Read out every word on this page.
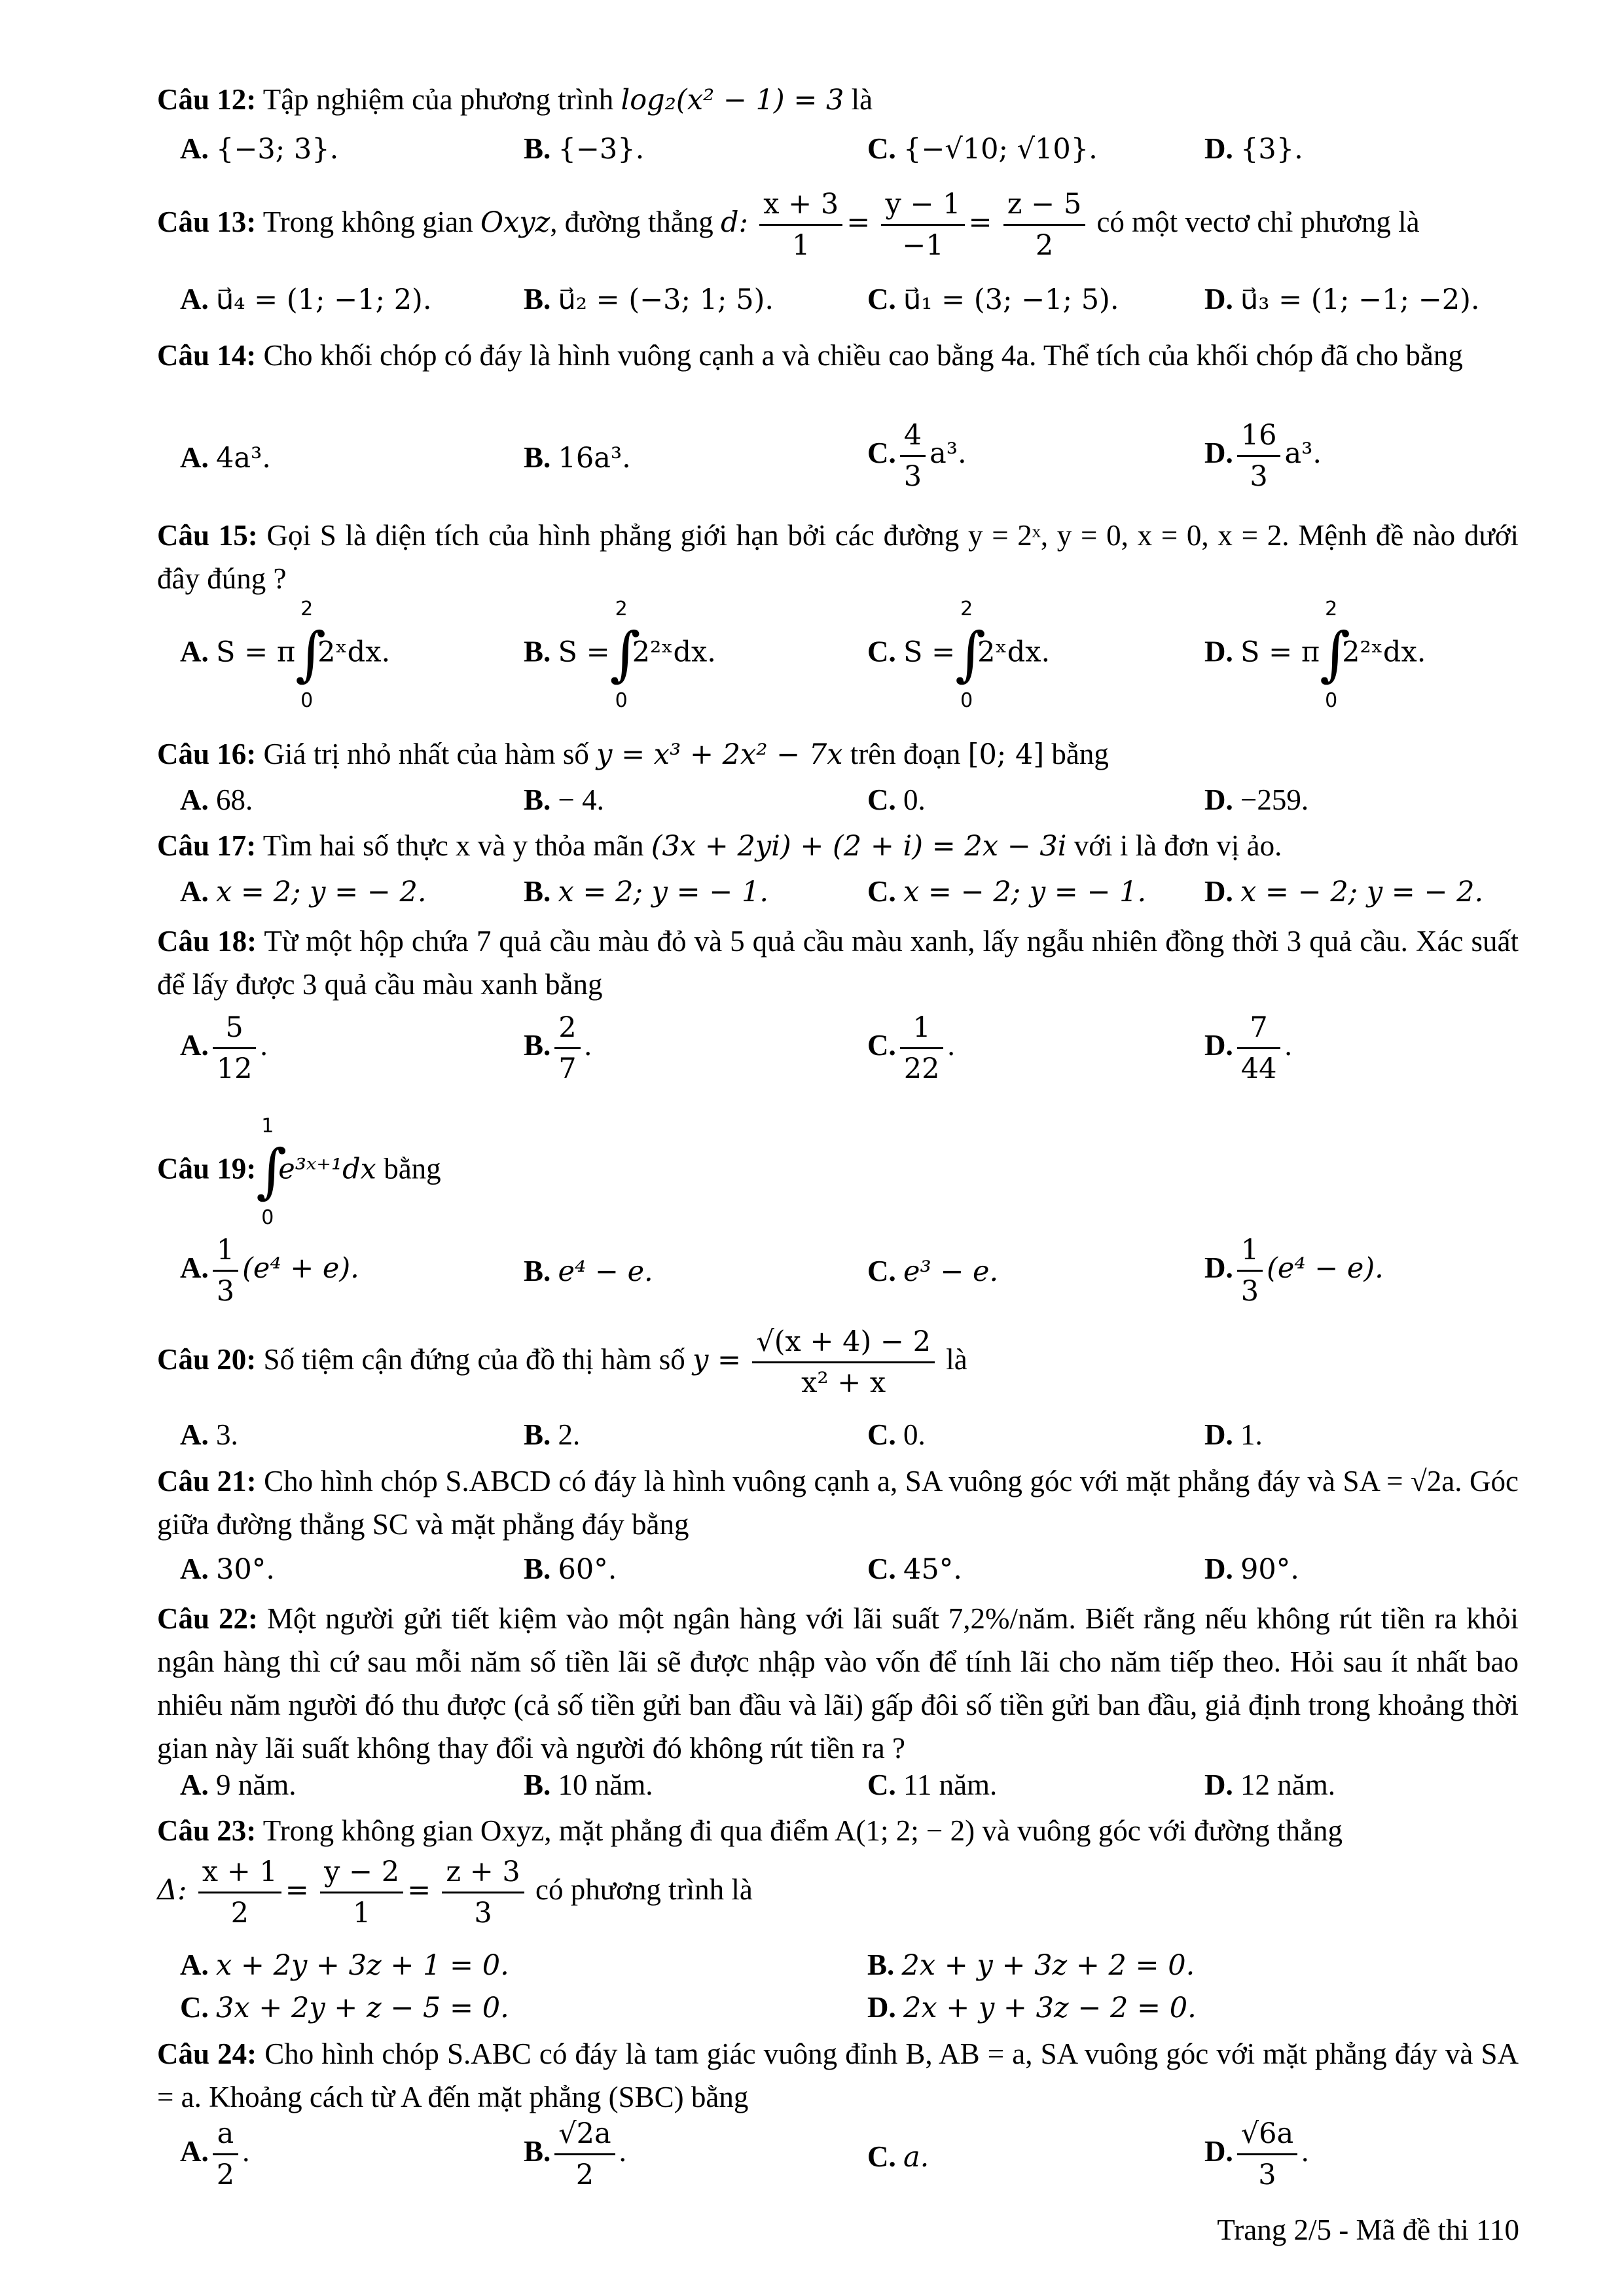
Câu 12: Tập nghiệm của phương trình log₂(x² − 1) = 3 là
A. {−3; 3}.	B. {−3}.	C. {−√10; √10}.	D. {3}.
Câu 13: Trong không gian Oxyz, đường thẳng d: $\frac{x + 3}{1} = \frac{y - 1}{-1} = \frac{z - 5}{2}$ có một vectơ chỉ phương là
A. u⃗₄ = (1; −1; 2).	B. u⃗₂ = (−3; 1; 5).	C. u⃗₁ = (3; −1; 5).	D. u⃗₃ = (1; −1; −2).
Câu 14: Cho khối chóp có đáy là hình vuông cạnh a và chiều cao bằng 4a. Thể tích của khối chóp đã cho bằng
A. 4a³.	B. 16a³.	C. $\frac{4}{3} a^3$.	D. $\frac{16}{3} a^3$.
Câu 15: Gọi S là diện tích của hình phẳng giới hạn bởi các đường y = 2ˣ, y = 0, x = 0, x = 2. Mệnh đề nào dưới đây đúng ?
A. S = π
2
∫
0
2ˣdx.	B. S =
2
∫
0
2²ˣdx.	C. S =
2
∫
0
2ˣdx.	D. S = π
2
∫
0
2²ˣdx.
Câu 16: Giá trị nhỏ nhất của hàm số y = x³ + 2x² − 7x trên đoạn [0; 4] bằng
A. 68.	B. − 4.	C. 0.	D. −259.
Câu 17: Tìm hai số thực x và y thỏa mãn (3x + 2yi) + (2 + i) = 2x − 3i với i là đơn vị ảo.
A. x = 2; y = − 2.	B. x = 2; y = − 1.	C. x = − 2; y = − 1. D. x = − 2; y = − 2.
Câu 18: Từ một hộp chứa 7 quả cầu màu đỏ và 5 quả cầu màu xanh, lấy ngẫu nhiên đồng thời 3 quả cầu. Xác suất để lấy được 3 quả cầu màu xanh bằng
A. $\frac{5}{12}$ .	B. $\frac{2}{7}$ .	C. $\frac{1}{22}$ .	D. $\frac{7}{44}$ .
Câu 19:
1
∫
0
e³ˣ⁺¹dx bằng
A. $\frac{1}{3} (e^4 + e)$.	B. e⁴ − e.	C. e³ − e.	D. $\frac{1}{3} (e^4 - e)$.
Câu 20: Số tiệm cận đứng của đồ thị hàm số $y = \frac{√(x + 4) - 2}{\text{x² + x}}$ là
A. 3.	B. 2.	C. 0.	D. 1.
Câu 21: Cho hình chóp S.ABCD có đáy là hình vuông cạnh a, SA vuông góc với mặt phẳng đáy và SA = √2a. Góc giữa đường thẳng SC và mặt phẳng đáy bằng
A. 30°.	B. 60°.	C. 45°.	D. 90°.
Câu 22: Một người gửi tiết kiệm vào một ngân hàng với lãi suất 7,2%/năm. Biết rằng nếu không rút tiền ra khỏi ngân hàng thì cứ sau mỗi năm số tiền lãi sẽ được nhập vào vốn để tính lãi cho năm tiếp theo. Hỏi sau ít nhất bao nhiêu năm người đó thu được (cả số tiền gửi ban đầu và lãi) gấp đôi số tiền gửi ban đầu, giả định trong khoảng thời gian này lãi suất không thay đổi và người đó không rút tiền ra ?
A. 9 năm.	B. 10 năm.	C. 11 năm.	D. 12 năm.
Câu 23: Trong không gian Oxyz, mặt phẳng đi qua điểm A(1; 2; − 2) và vuông góc với đường thẳng
Δ: $\frac{x + 1}{2} = \frac{y - 2}{1} = \frac{z + 3}{3}$ có phương trình là
A. x + 2y + 3z + 1 = 0.	B. 2x + y + 3z + 2 = 0.
C. 3x + 2y + z − 5 = 0.	D. 2x + y + 3z − 2 = 0.
Câu 24: Cho hình chóp S.ABC có đáy là tam giác vuông đỉnh B, AB = a, SA vuông góc với mặt phẳng đáy và SA = a. Khoảng cách từ A đến mặt phẳng (SBC) bằng
A. $\frac{a}{2}$ .	B. $\frac{√2a}{2}$ .	C. a.	D. $\frac{√6a}{3}$ .
Trang 2/5 - Mã đề thi 110
